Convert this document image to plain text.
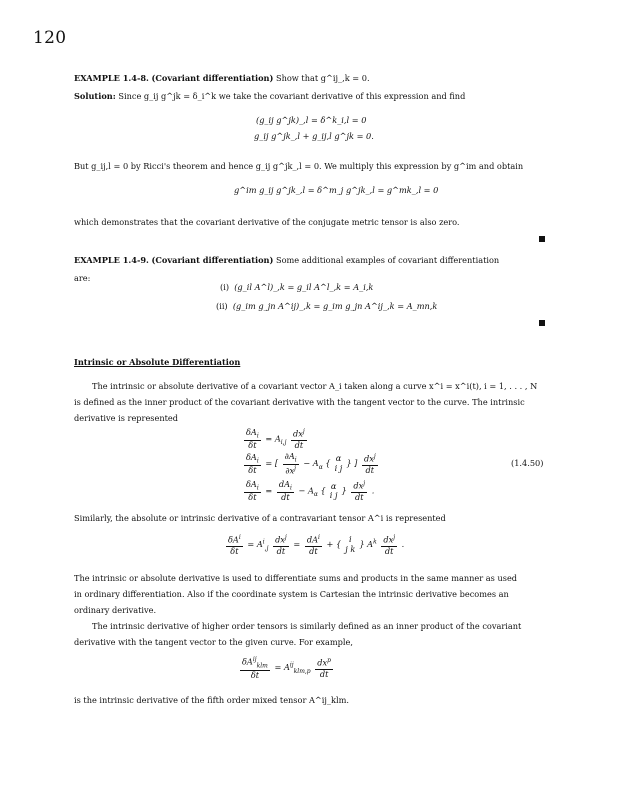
120
EXAMPLE 1.4-8. (Covariant differentiation) Show that g^ij_,k = 0.
Solution: Since g_ij g^jk = δ_i^k we take the covariant derivative of this expression and find
(g_ij g^jk)_,l = δ^k_i,l = 0
g_ij g^jk_,l + g_ij,l g^jk = 0.
But g_ij,l = 0 by Ricci's theorem and hence g_ij g^jk_,l = 0. We multiply this expression by g^im and obtain
g^im g_ij g^jk_,l = δ^m_j g^jk_,l = g^mk_,l = 0
which demonstrates that the covariant derivative of the conjugate metric tensor is also zero.
EXAMPLE 1.4-9. (Covariant differentiation) Some additional examples of covariant differentiation
are:
(i) (g_il A^l)_,k = g_il A^l_,k = A_i,k
(ii) (g_im g_jn A^ij)_,k = g_im g_jn A^ij_,k = A_mn,k
Intrinsic or Absolute Differentiation
The intrinsic or absolute derivative of a covariant vector A_i taken along a curve x^i = x^i(t), i = 1, . . . , N
is defined as the inner product of the covariant derivative with the tangent vector to the curve. The intrinsic
derivative is represented
$\frac{\delta A_i}{\delta t} = A_{i,j} \frac{dx^j}{dt}$
$\frac{\delta A_i}{\delta t}$ = [ $\frac{\partial A_i}{\partial x^j} - A_\alpha$ { α
i j } ] $\frac{dx^j}{dt}$
$\frac{\delta A_i}{\delta t} = \frac{dA_i}{dt} - A_\alpha$ { α
i j } $\frac{dx^j}{dt}$ .
(1.4.50)
Similarly, the absolute or intrinsic derivative of a contravariant tensor A^i is represented
$\frac{\delta A^i}{\delta t} = A^i_{,j} \frac{dx^j}{dt} = \frac{dA^i}{dt}$ + { i
j k } $A^k \frac{dx^j}{dt}$ .
The intrinsic or absolute derivative is used to differentiate sums and products in the same manner as used
in ordinary differentiation. Also if the coordinate system is Cartesian the intrinsic derivative becomes an
ordinary derivative.
The intrinsic derivative of higher order tensors is similarly defined as an inner product of the covariant
derivative with the tangent vector to the given curve. For example,
$\frac{\delta A^{ij}_{klm}}{\delta t} = A^{ij}_{klm,p} \frac{dx^p}{dt}$
is the intrinsic derivative of the fifth order mixed tensor A^ij_klm.
